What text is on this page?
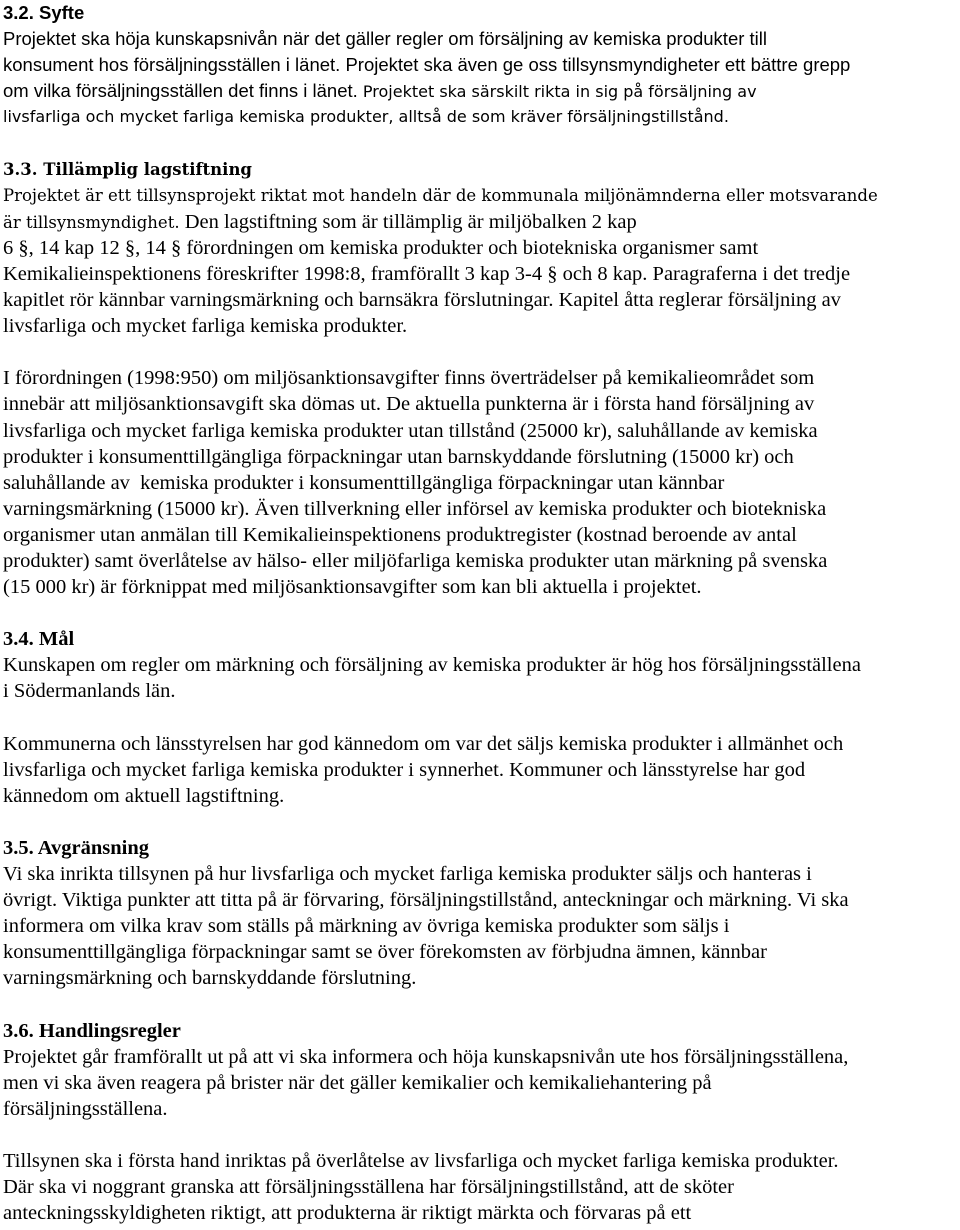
3.2. Syfte
Projektet ska höja kunskapsnivån när det gäller regler om försäljning av kemiska produkter till
konsument hos försäljningsställen i länet. Projektet ska även ge oss tillsynsmyndigheter ett bättre grepp
om vilka försäljningsställen det finns i länet. Projektet ska särskilt rikta in sig på försäljning av
livsfarliga och mycket farliga kemiska produkter, alltså de som kräver försäljningstillstånd.
3.3. Tillämplig lagstiftning
Projektet är ett tillsynsprojekt riktat mot handeln där de kommunala miljönämnderna eller motsvarande
är tillsynsmyndighet. Den lagstiftning som är tillämplig är miljöbalken 2 kap
6 §, 14 kap 12 §, 14 § förordningen om kemiska produkter och biotekniska organismer samt
Kemikalieinspektionens föreskrifter 1998:8, framförallt 3 kap 3-4 § och 8 kap. Paragraferna i det tredje
kapitlet rör kännbar varningsmärkning och barnsäkra förslutningar. Kapitel åtta reglerar försäljning av
livsfarliga och mycket farliga kemiska produkter.
I förordningen (1998:950) om miljösanktionsavgifter finns överträdelser på kemikalieområdet som
innebär att miljösanktionsavgift ska dömas ut. De aktuella punkterna är i första hand försäljning av
livsfarliga och mycket farliga kemiska produkter utan tillstånd (25000 kr), saluhållande av kemiska
produkter i konsumenttillgängliga förpackningar utan barnskyddande förslutning (15000 kr) och
saluhållande av  kemiska produkter i konsumenttillgängliga förpackningar utan kännbar
varningsmärkning (15000 kr). Även tillverkning eller införsel av kemiska produkter och biotekniska
organismer utan anmälan till Kemikalieinspektionens produktregister (kostnad beroende av antal
produkter) samt överlåtelse av hälso- eller miljöfarliga kemiska produkter utan märkning på svenska
(15 000 kr) är förknippat med miljösanktionsavgifter som kan bli aktuella i projektet.
3.4. Mål
Kunskapen om regler om märkning och försäljning av kemiska produkter är hög hos försäljningsställena
i Södermanlands län.
Kommunerna och länsstyrelsen har god kännedom om var det säljs kemiska produkter i allmänhet och
livsfarliga och mycket farliga kemiska produkter i synnerhet. Kommuner och länsstyrelse har god
kännedom om aktuell lagstiftning.
3.5. Avgränsning
Vi ska inrikta tillsynen på hur livsfarliga och mycket farliga kemiska produkter säljs och hanteras i
övrigt. Viktiga punkter att titta på är förvaring, försäljningstillstånd, anteckningar och märkning. Vi ska
informera om vilka krav som ställs på märkning av övriga kemiska produkter som säljs i
konsumenttillgängliga förpackningar samt se över förekomsten av förbjudna ämnen, kännbar
varningsmärkning och barnskyddande förslutning.
3.6. Handlingsregler
Projektet går framförallt ut på att vi ska informera och höja kunskapsnivån ute hos försäljningsställena,
men vi ska även reagera på brister när det gäller kemikalier och kemikaliehantering på
försäljningsställena.
Tillsynen ska i första hand inriktas på överlåtelse av livsfarliga och mycket farliga kemiska produkter.
Där ska vi noggrant granska att försäljningsställena har försäljningstillstånd, att de sköter
anteckningsskyldigheten riktigt, att produkterna är riktigt märkta och förvaras på ett
